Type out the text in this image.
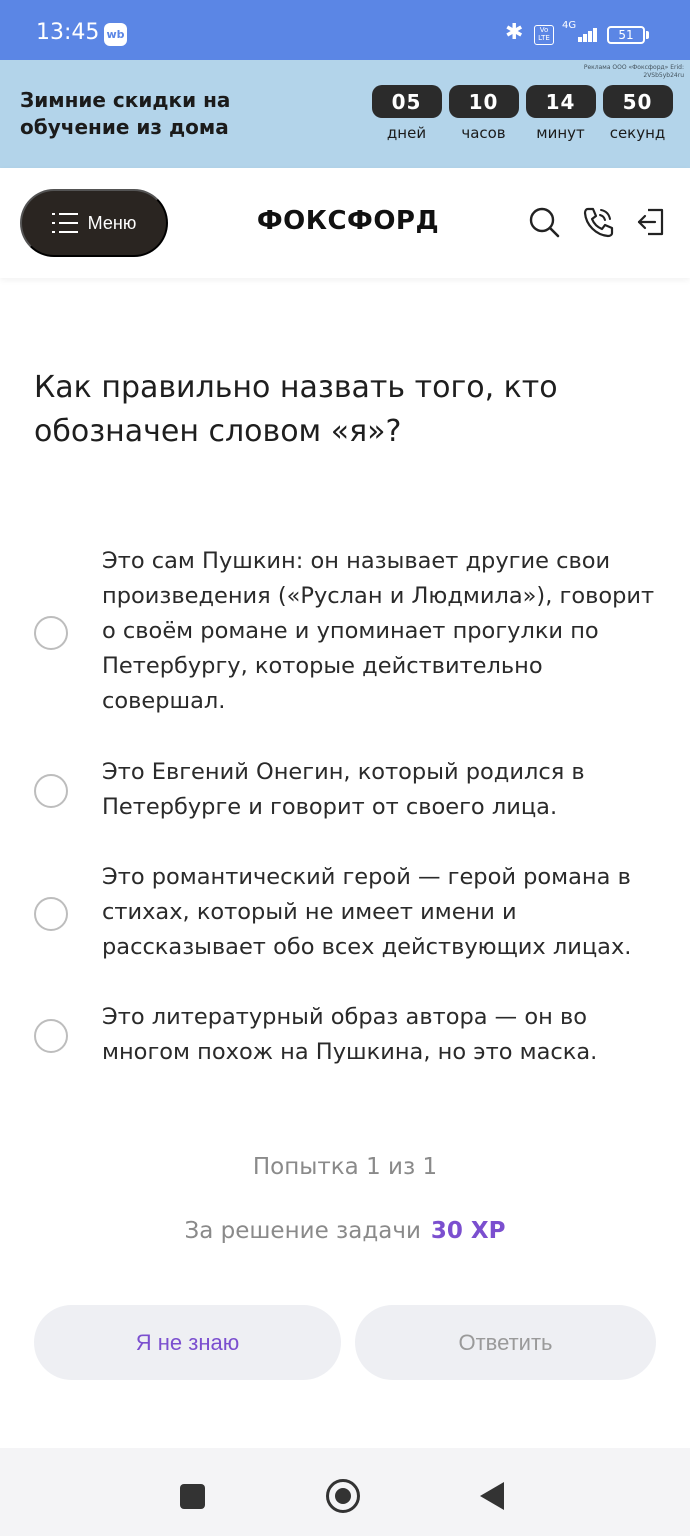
13:45 wb	✱	Vo LTE
4G
51
Зимние скидки на обучение из дома
Реклама ООО «Фоксфорд» Erid: 2VSb5yb24ru
05
дней
10
часов
14
минут
50
секунд
Меню	ФОКСФОРД
Как правильно назвать того, кто обозначен словом «я»?
Это сам Пушкин: он называет другие свои произведения («Руслан и Людмила»), говорит о своём романе и упоминает прогулки по Петербургу, которые действительно совершал.
Это Евгений Онегин, который родился в Петербурге и говорит от своего лица.
Это романтический герой — герой романа в стихах, который не имеет имени и рассказывает обо всех действующих лицах.
Это литературный образ автора — он во многом похож на Пушкина, но это маска.
Попытка 1 из 1
За решение задачи 30 XP
Я не знаю	Ответить
